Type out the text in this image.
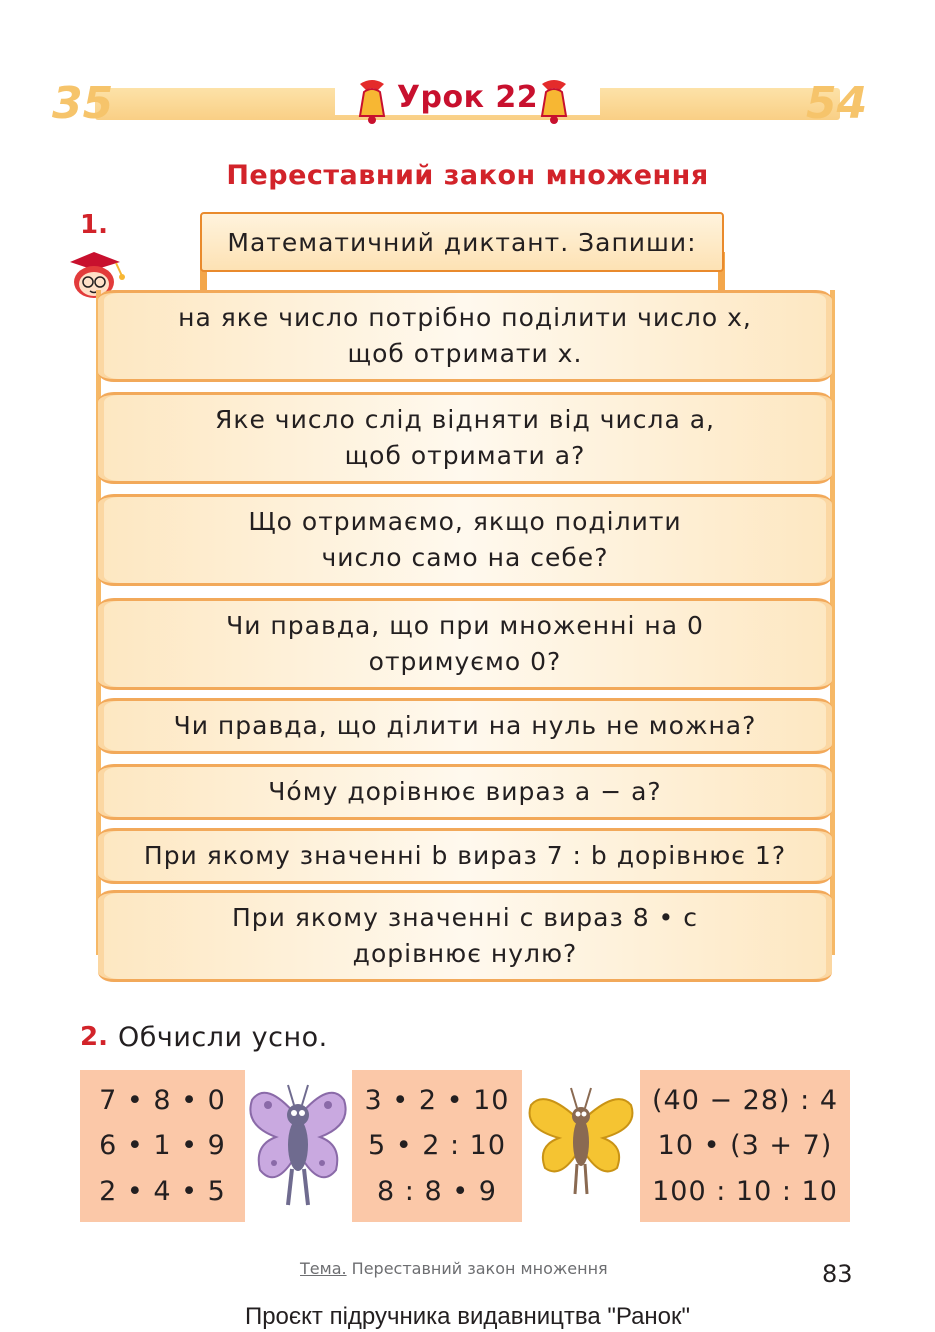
35	54
Урок 22
Переставний закон множення
1.
Математичний диктант. Запиши:
на яке число потрібно поділити число x,
щоб отримати x.
Яке число слід відняти від числа a,
щоб отримати a?
Що отримаємо, якщо поділити
число само на себе?
Чи правда, що при множенні на 0
отримуємо 0?
Чи правда, що ділити на нуль не можна?
Чо́му дорівнює вираз a − a?
При якому значенні b вираз 7 : b дорівнює 1?
При якому значенні c вираз 8 • c
дорівнює нулю?
2. Обчисли усно.
7 • 8 • 0
6 • 1 • 9
2 • 4 • 5
3 • 2 • 10
5 • 2 : 10
8 : 8 • 9
(40 − 28) : 4
10 • (3 + 7)
100 : 10 : 10
Тема. Переставний закон множення	83
Проєкт підручника видавництва "Ранок"
